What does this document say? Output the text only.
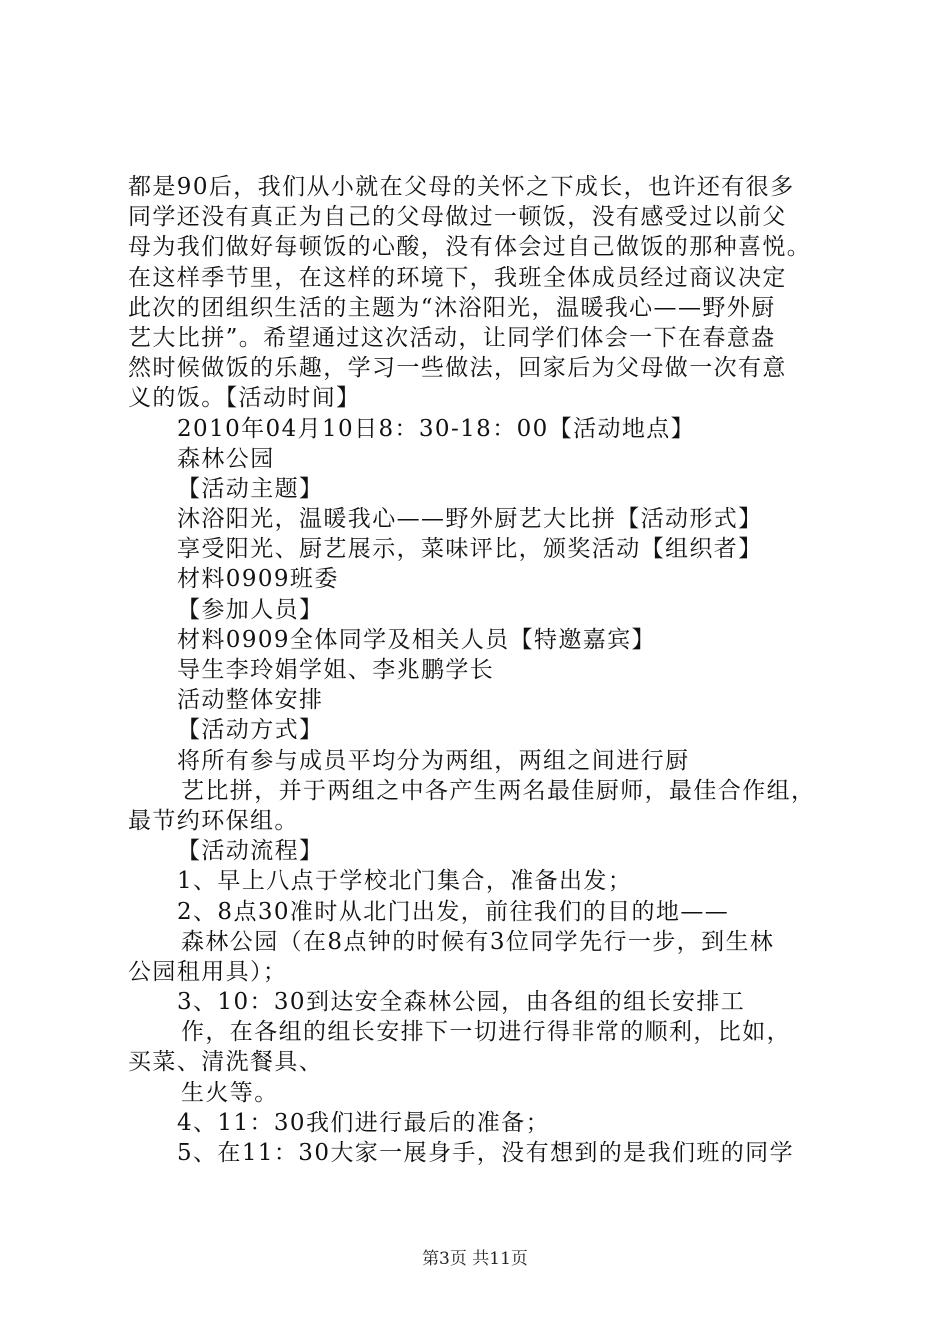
都是90后，我们从小就在父母的关怀之下成长，也许还有很多
同学还没有真正为自己的父母做过一顿饭，没有感受过以前父
母为我们做好每顿饭的心酸，没有体会过自己做饭的那种喜悦。
在这样季节里，在这样的环境下，我班全体成员经过商议决定
此次的团组织生活的主题为“沐浴阳光，温暖我心——野外厨
艺大比拼”。希望通过这次活动，让同学们体会一下在春意盎
然时候做饭的乐趣，学习一些做法，回家后为父母做一次有意
义的饭。【活动时间】
2010年04月10日8：30-18：00【活动地点】
森林公园
【活动主题】
沐浴阳光，温暖我心——野外厨艺大比拼【活动形式】
享受阳光、厨艺展示，菜味评比，颁奖活动【组织者】
材料0909班委
【参加人员】
材料0909全体同学及相关人员【特邀嘉宾】
导生李玲娟学姐、李兆鹏学长
活动整体安排
【活动方式】
将所有参与成员平均分为两组，两组之间进行厨
艺比拼，并于两组之中各产生两名最佳厨师，最佳合作组，
最节约环保组。
【活动流程】
1、早上八点于学校北门集合，准备出发；
2、8点30准时从北门出发，前往我们的目的地——
森林公园（在8点钟的时候有3位同学先行一步，到生林
公园租用具）；
3、10：30到达安全森林公园，由各组的组长安排工
作，在各组的组长安排下一切进行得非常的顺利，比如，
买菜、清洗餐具、
生火等。
4、11：30我们进行最后的准备；
5、在11：30大家一展身手，没有想到的是我们班的同学
第3页 共11页
